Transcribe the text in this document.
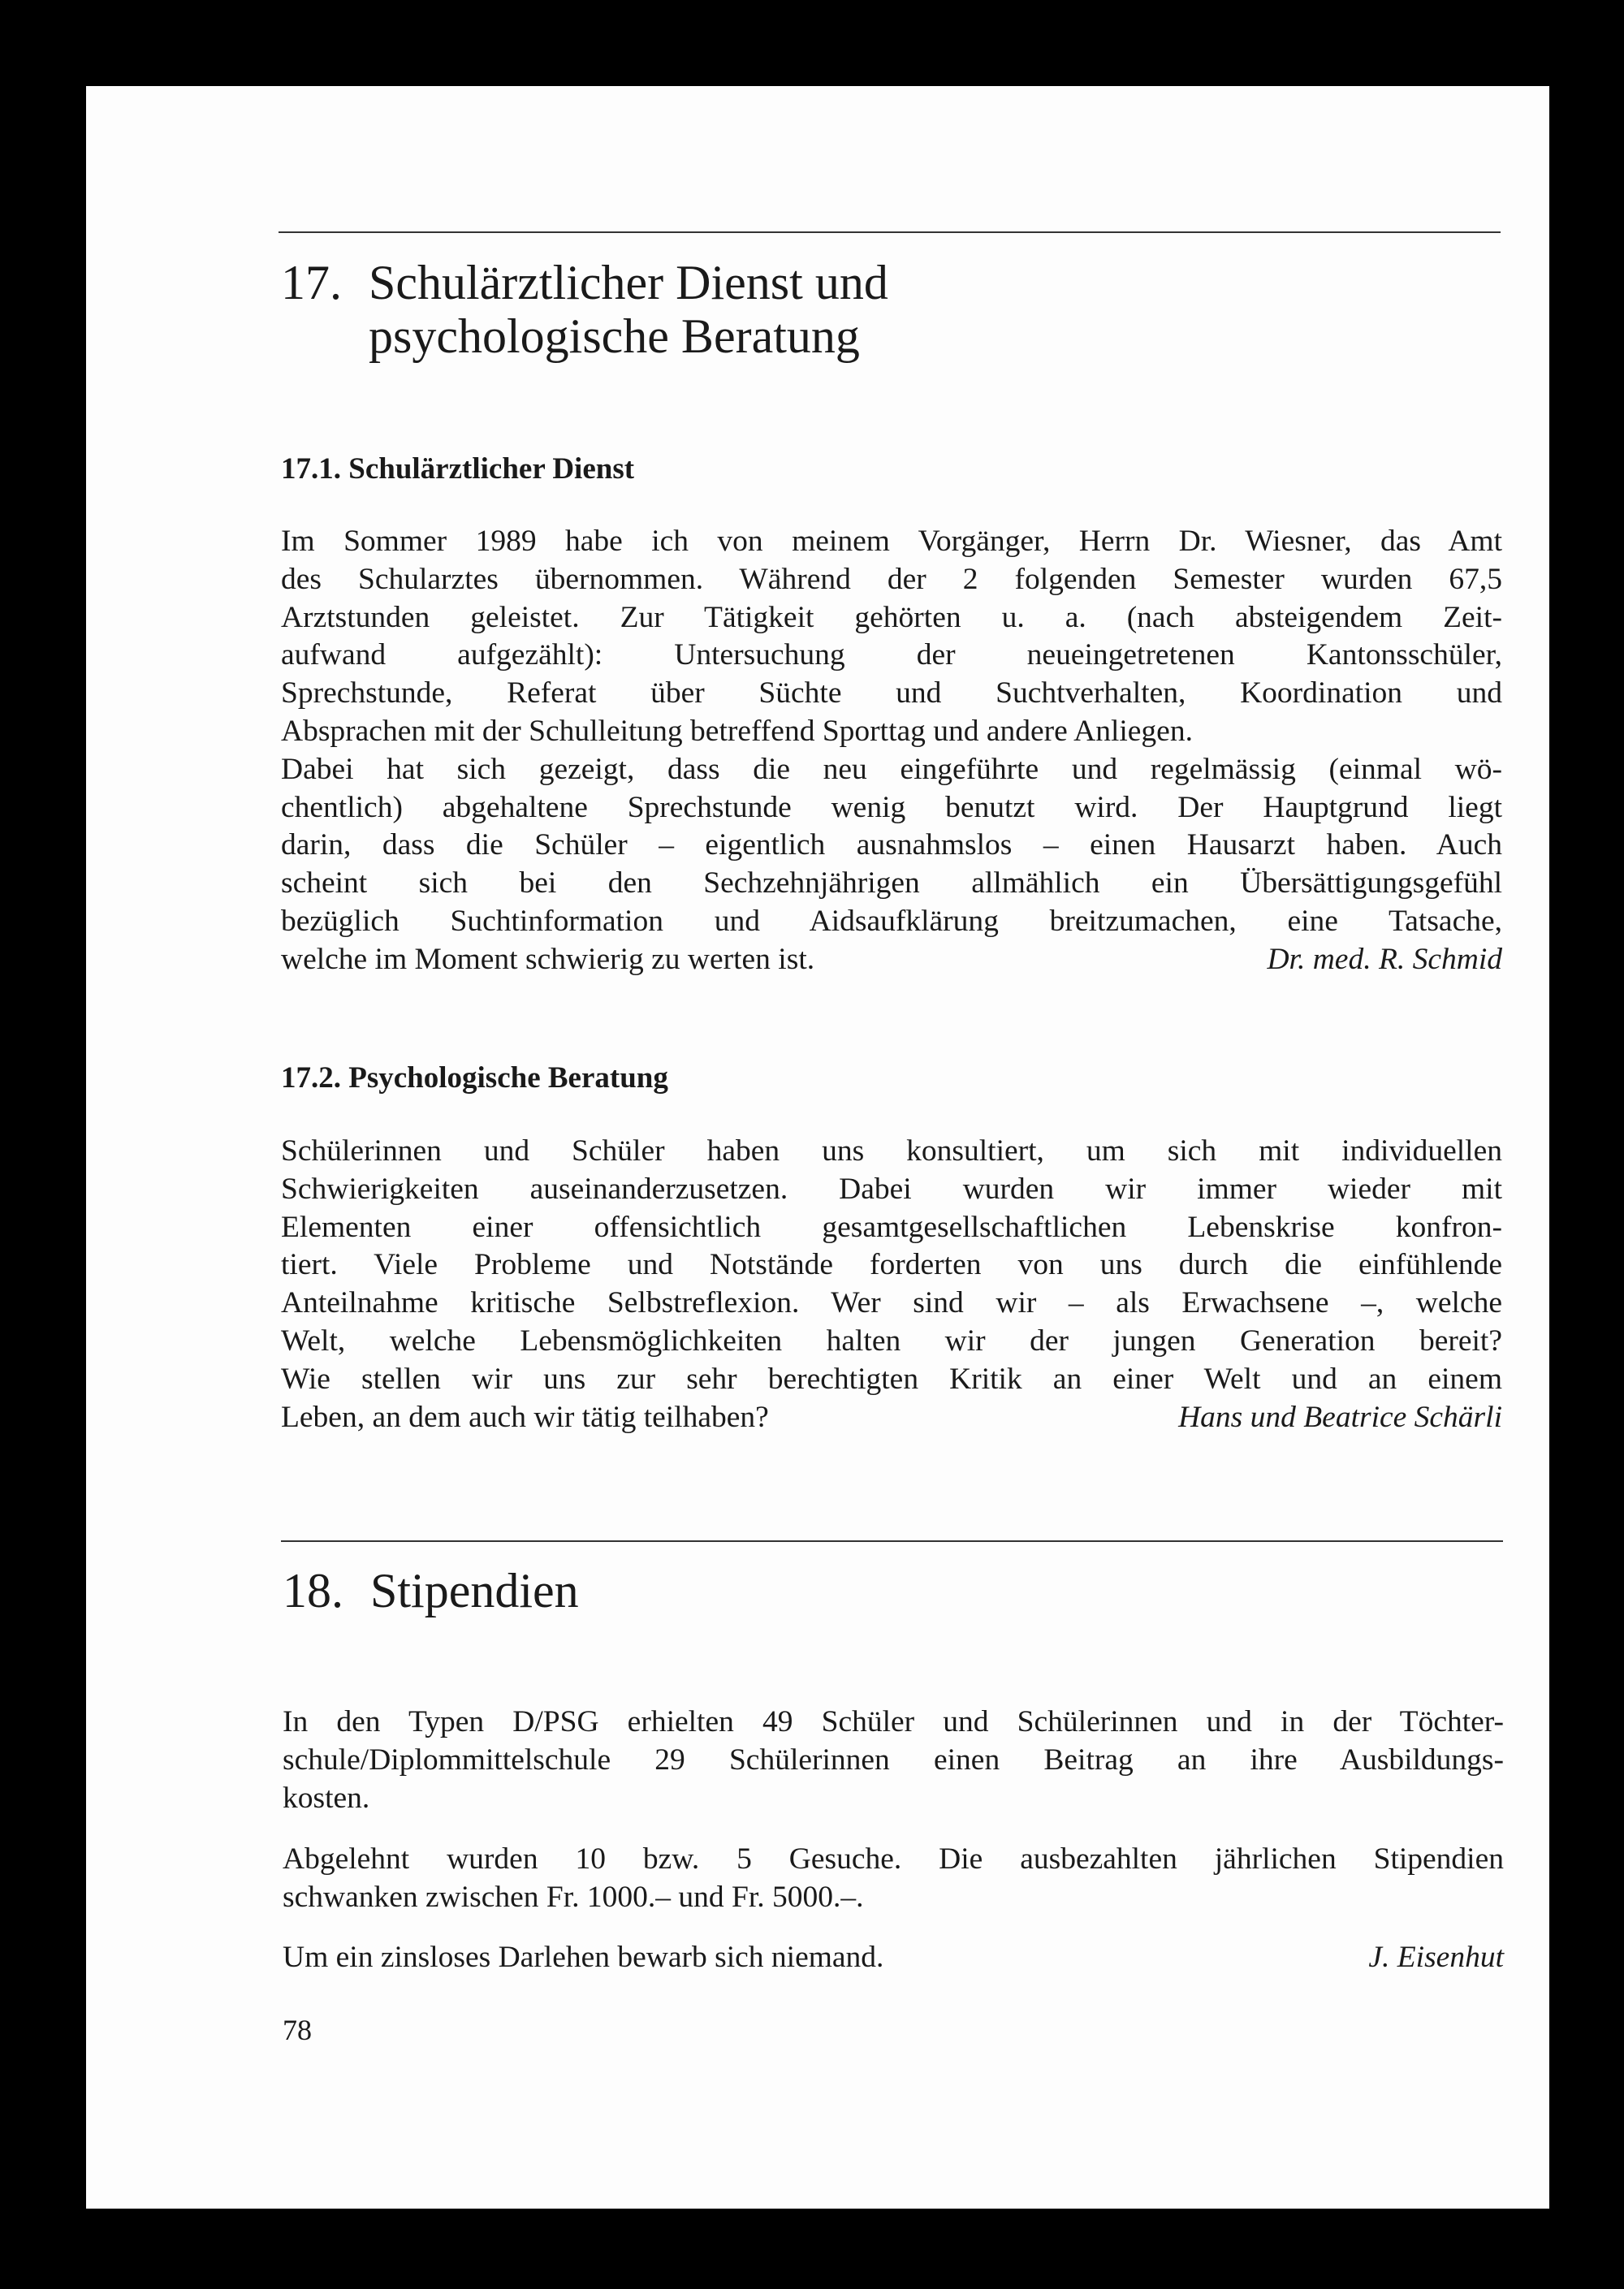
17. Schulärztlicher Dienst und
psychologische Beratung
17.1. Schulärztlicher Dienst
Im Sommer 1989 habe ich von meinem Vorgänger, Herrn Dr. Wiesner, das Amt
des Schularztes übernommen. Während der 2 folgenden Semester wurden 67,5
Arztstunden geleistet. Zur Tätigkeit gehörten u. a. (nach absteigendem Zeit-
aufwand aufgezählt): Untersuchung der neueingetretenen Kantonsschüler,
Sprechstunde, Referat über Süchte und Suchtverhalten, Koordination und
Absprachen mit der Schulleitung betreffend Sporttag und andere Anliegen.
Dabei hat sich gezeigt, dass die neu eingeführte und regelmässig (einmal wö-
chentlich) abgehaltene Sprechstunde wenig benutzt wird. Der Hauptgrund liegt
darin, dass die Schüler – eigentlich ausnahmslos – einen Hausarzt haben. Auch
scheint sich bei den Sechzehnjährigen allmählich ein Übersättigungsgefühl
bezüglich Suchtinformation und Aidsaufklärung breitzumachen, eine Tatsache,
welche im Moment schwierig zu werten ist.	Dr. med. R. Schmid
17.2. Psychologische Beratung
Schülerinnen und Schüler haben uns konsultiert, um sich mit individuellen
Schwierigkeiten auseinanderzusetzen. Dabei wurden wir immer wieder mit
Elementen einer offensichtlich gesamtgesellschaftlichen Lebenskrise konfron-
tiert. Viele Probleme und Notstände forderten von uns durch die einfühlende
Anteilnahme kritische Selbstreflexion. Wer sind wir – als Erwachsene –, welche
Welt, welche Lebensmöglichkeiten halten wir der jungen Generation bereit?
Wie stellen wir uns zur sehr berechtigten Kritik an einer Welt und an einem
Leben, an dem auch wir tätig teilhaben?	Hans und Beatrice Schärli
18. Stipendien
In den Typen D/PSG erhielten 49 Schüler und Schülerinnen und in der Töchter-
schule/Diplommittelschule 29 Schülerinnen einen Beitrag an ihre Ausbildungs-
kosten.
Abgelehnt wurden 10 bzw. 5 Gesuche. Die ausbezahlten jährlichen Stipendien
schwanken zwischen Fr. 1000.– und Fr. 5000.–.
Um ein zinsloses Darlehen bewarb sich niemand.	J. Eisenhut
78
